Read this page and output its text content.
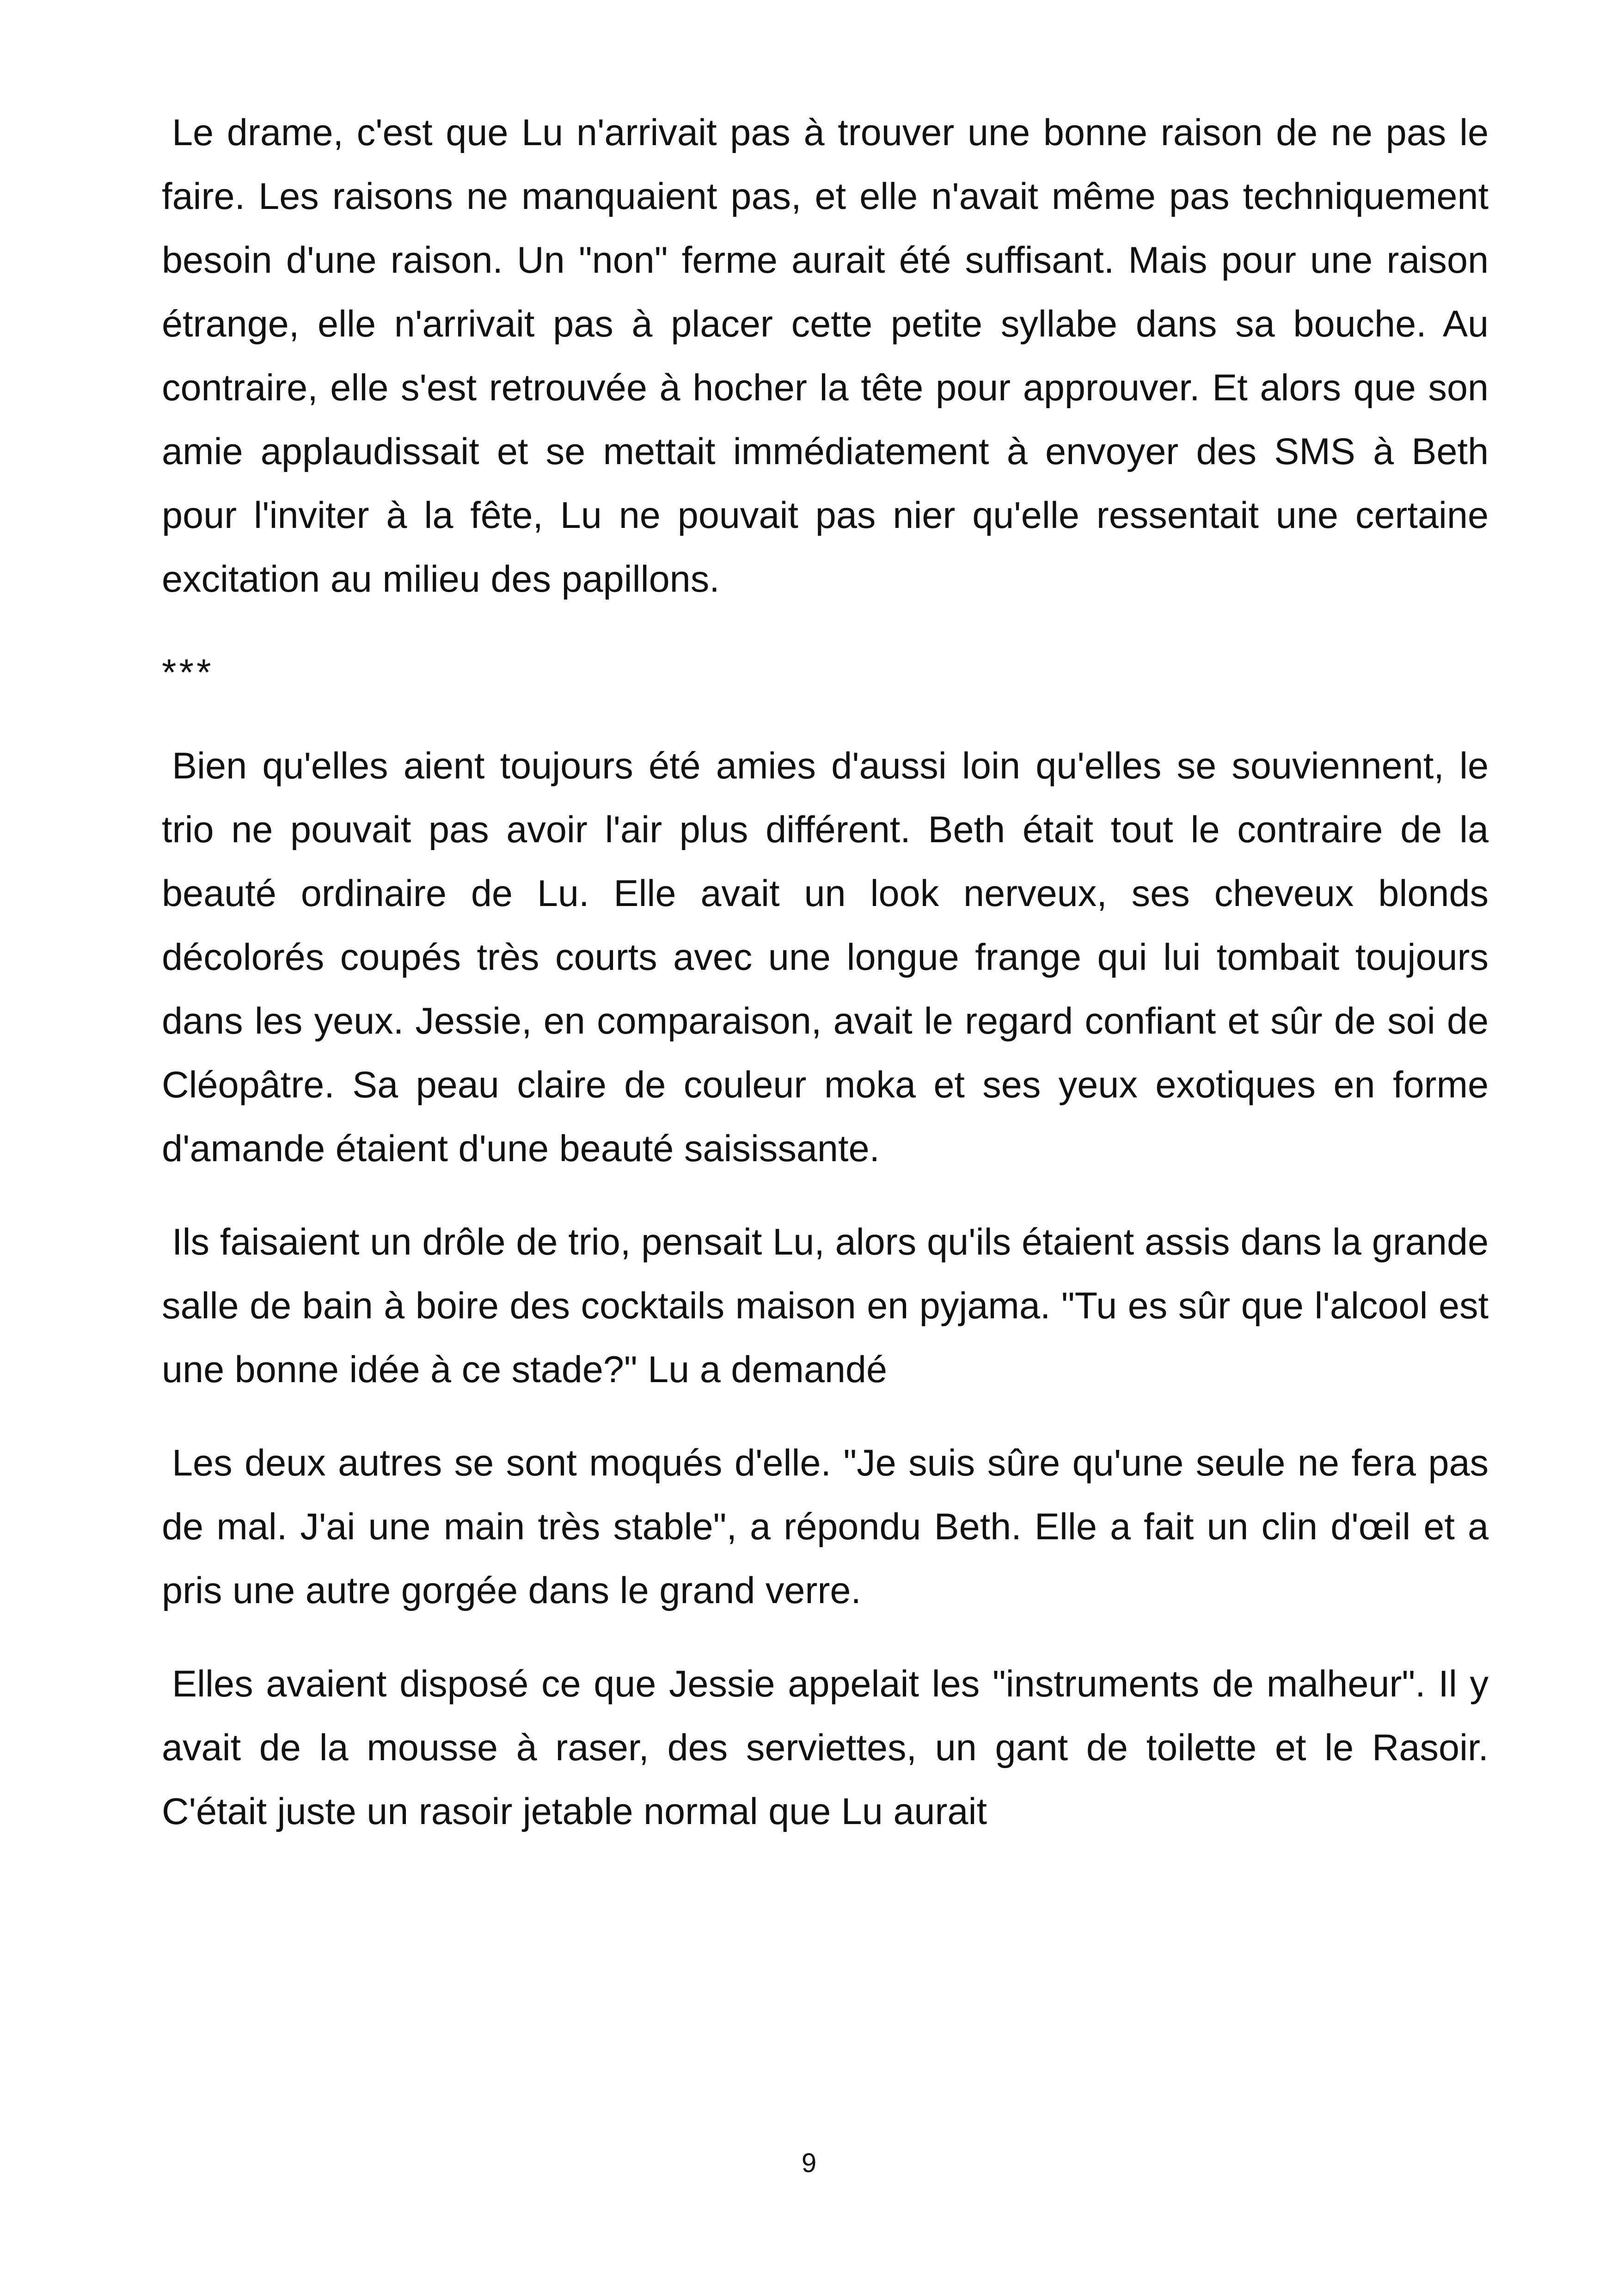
Le drame, c'est que Lu n'arrivait pas à trouver une bonne raison de ne pas le faire. Les raisons ne manquaient pas, et elle n'avait même pas techniquement besoin d'une raison. Un "non" ferme aurait été suffisant. Mais pour une raison étrange, elle n'arrivait pas à placer cette petite syllabe dans sa bouche. Au contraire, elle s'est retrouvée à hocher la tête pour approuver. Et alors que son amie applaudissait et se mettait immédiatement à envoyer des SMS à Beth pour l'inviter à la fête, Lu ne pouvait pas nier qu'elle ressentait une certaine excitation au milieu des papillons.

***

Bien qu'elles aient toujours été amies d'aussi loin qu'elles se souviennent, le trio ne pouvait pas avoir l'air plus différent. Beth était tout le contraire de la beauté ordinaire de Lu. Elle avait un look nerveux, ses cheveux blonds décolorés coupés très courts avec une longue frange qui lui tombait toujours dans les yeux. Jessie, en comparaison, avait le regard confiant et sûr de soi de Cléopâtre. Sa peau claire de couleur moka et ses yeux exotiques en forme d'amande étaient d'une beauté saisissante.

Ils faisaient un drôle de trio, pensait Lu, alors qu'ils étaient assis dans la grande salle de bain à boire des cocktails maison en pyjama. "Tu es sûr que l'alcool est une bonne idée à ce stade?" Lu a demandé

Les deux autres se sont moqués d'elle. "Je suis sûre qu'une seule ne fera pas de mal. J'ai une main très stable", a répondu Beth. Elle a fait un clin d'œil et a pris une autre gorgée dans le grand verre.

Elles avaient disposé ce que Jessie appelait les "instruments de malheur". Il y avait de la mousse à raser, des serviettes, un gant de toilette et le Rasoir. C'était juste un rasoir jetable normal que Lu aurait

9
